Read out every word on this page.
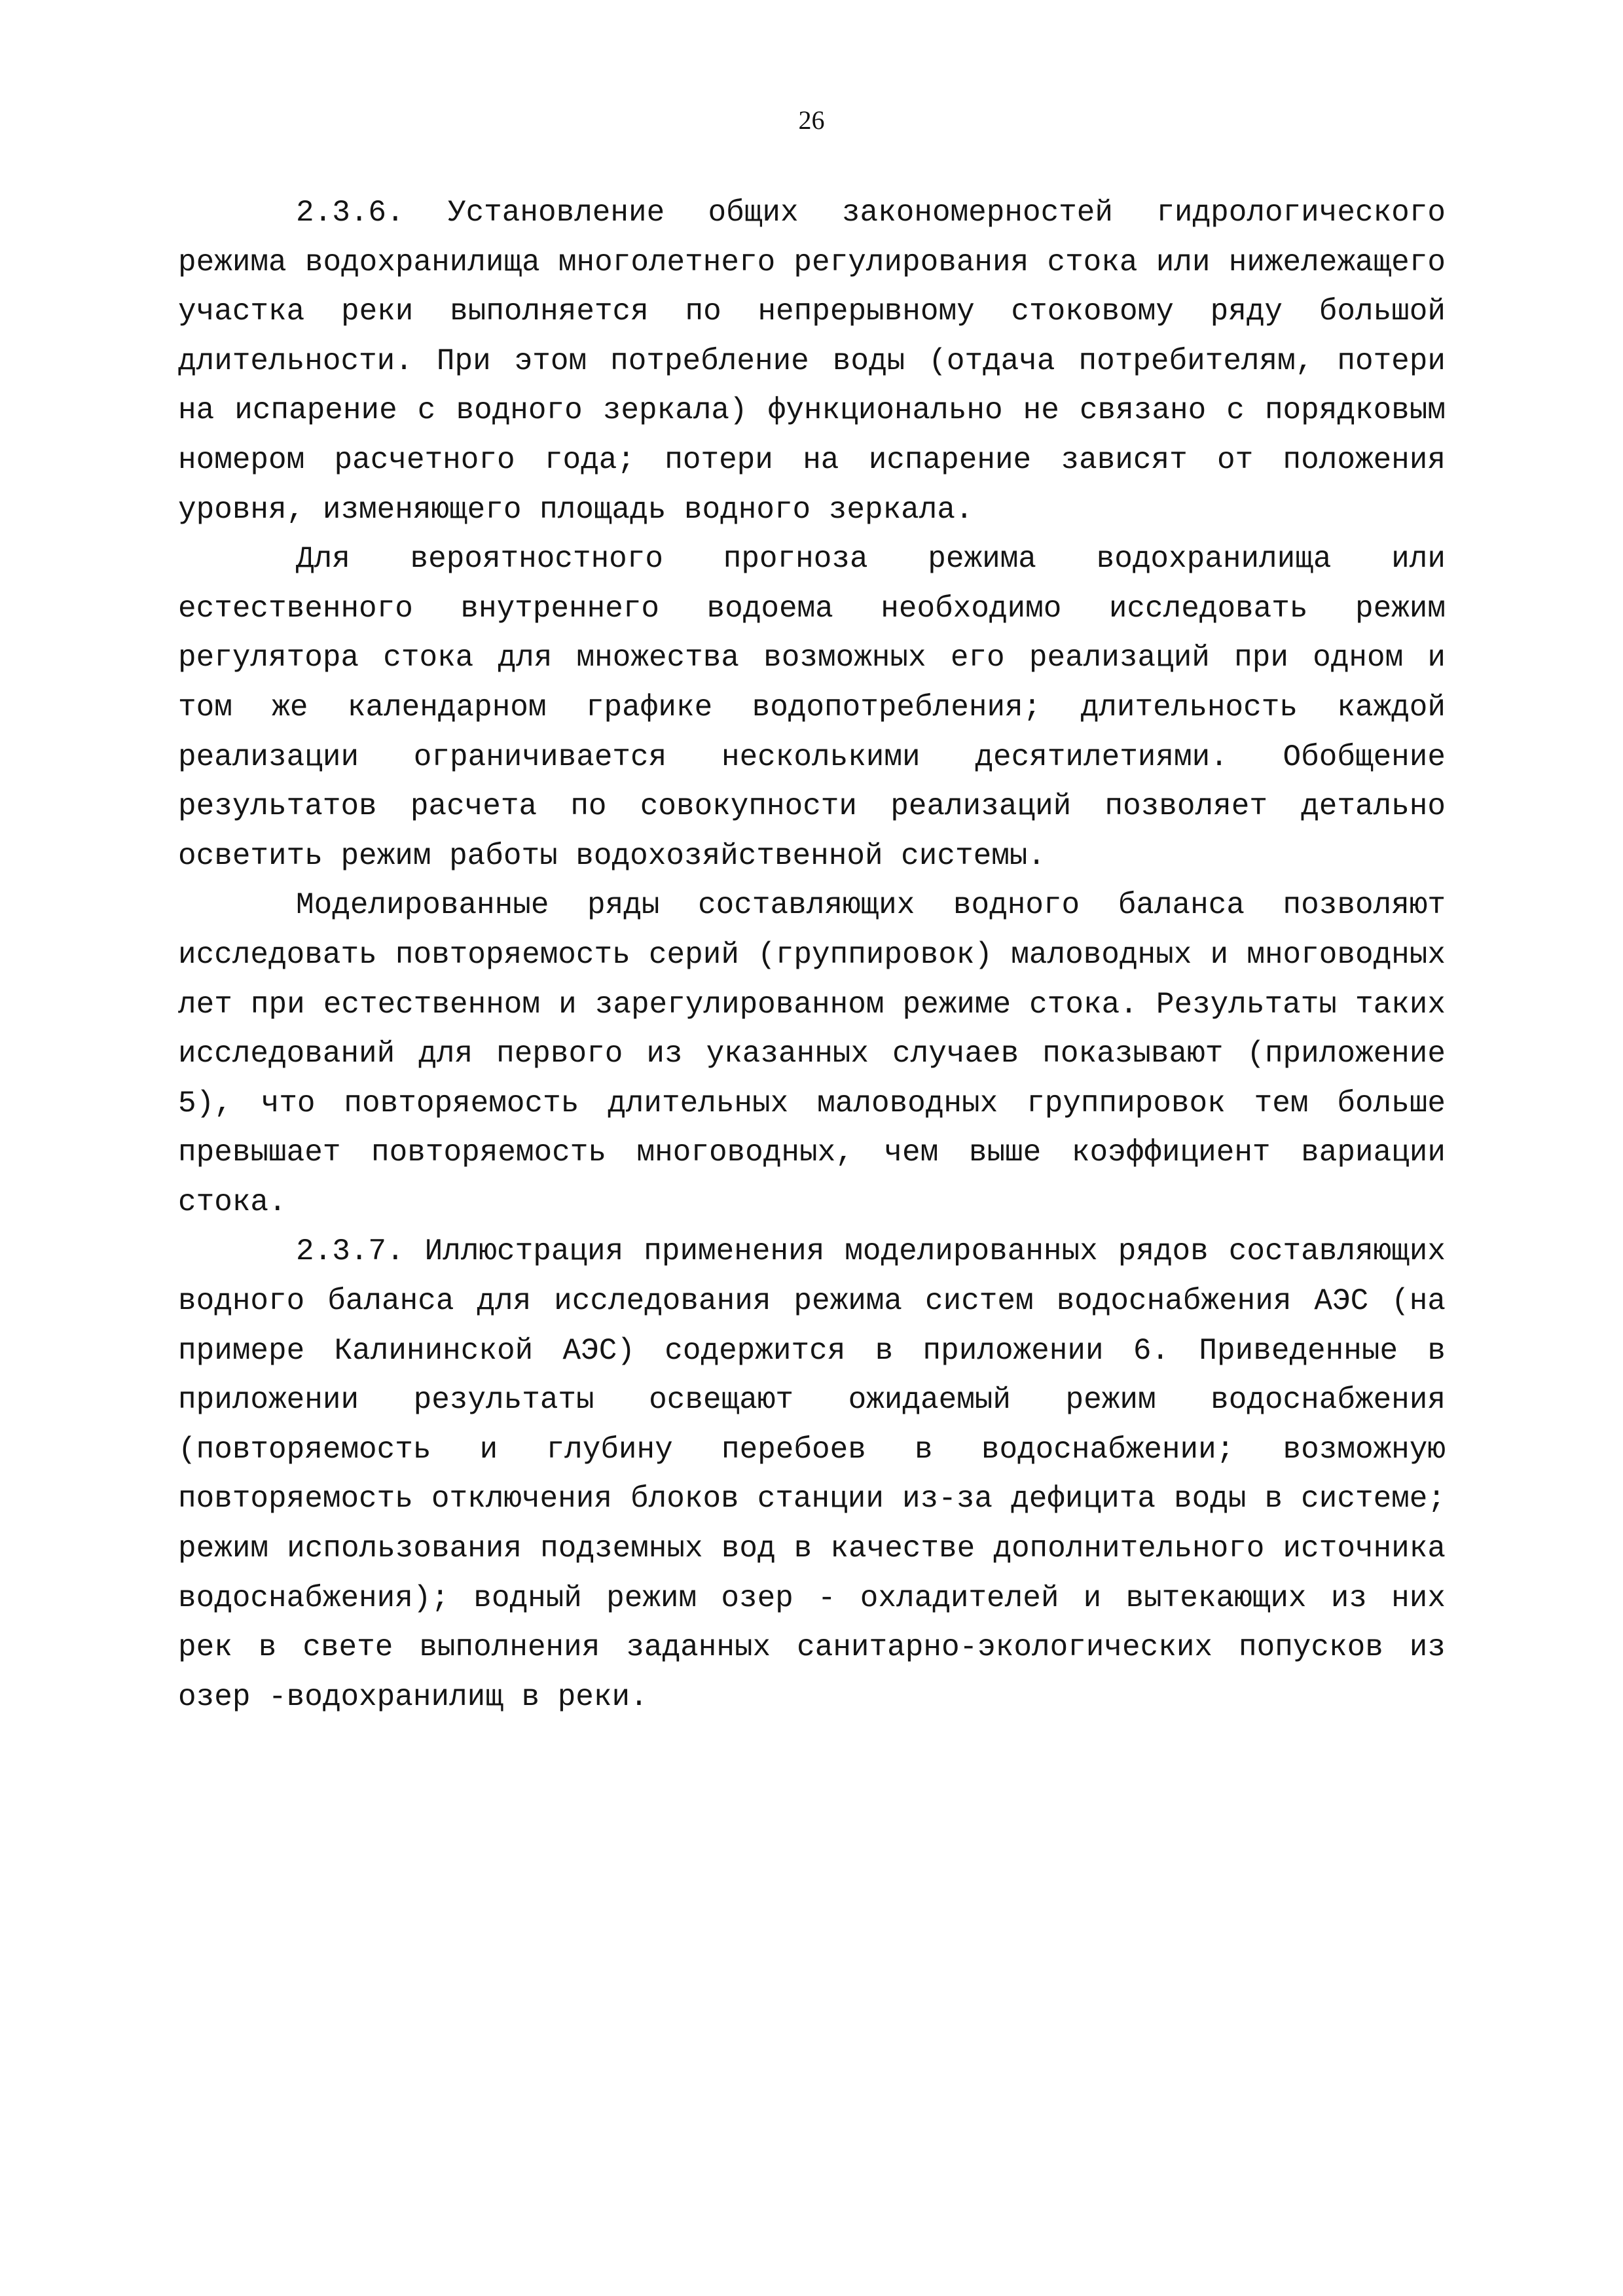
26

2.3.6. Установление общих закономерностей гидрологического режима водохранилища многолетнего регулирования стока или нижележащего участка реки выполняется по непрерывному стоковому ряду большой длительности. При этом потребление воды (отдача потребителям, потери на испарение с водного зеркала) функционально не связано с порядковым номером расчетного года; потери на испарение зависят от положения уровня, изменяющего площадь водного зеркала.

Для вероятностного прогноза режима водохранилища или естественного внутреннего водоема необходимо исследовать режим регулятора стока для множества возможных его реализаций при одном и том же календарном графике водопотребления; длительность каждой реализации ограничивается несколькими десятилетиями. Обобщение результатов расчета по совокупности реализаций позволяет детально осветить режим работы водохозяйственной системы.

Моделированные ряды составляющих водного баланса позволяют исследовать повторяемость серий (группировок) маловодных и многоводных лет при естественном и зарегулированном режиме стока. Результаты таких исследований для первого из указанных случаев показывают (приложение 5), что повторяемость длительных маловодных группировок тем больше превышает повторяемость многоводных, чем выше коэффициент вариации стока.

2.3.7. Иллюстрация применения моделированных рядов составляющих водного баланса для исследования режима систем водоснабжения АЭС (на примере Калининской АЭС) содержится в приложении 6. Приведенные в приложении результаты освещают ожидаемый режим водоснабжения (повторяемость и глубину перебоев в водоснабжении; возможную повторяемость отключения блоков станции из-за дефицита воды в системе; режим использования подземных вод в качестве дополнительного источника водоснабжения); водный режим озер - охладителей и вытекающих из них рек в свете выполнения заданных санитарно-экологических попусков из озер -водохранилищ в реки.
